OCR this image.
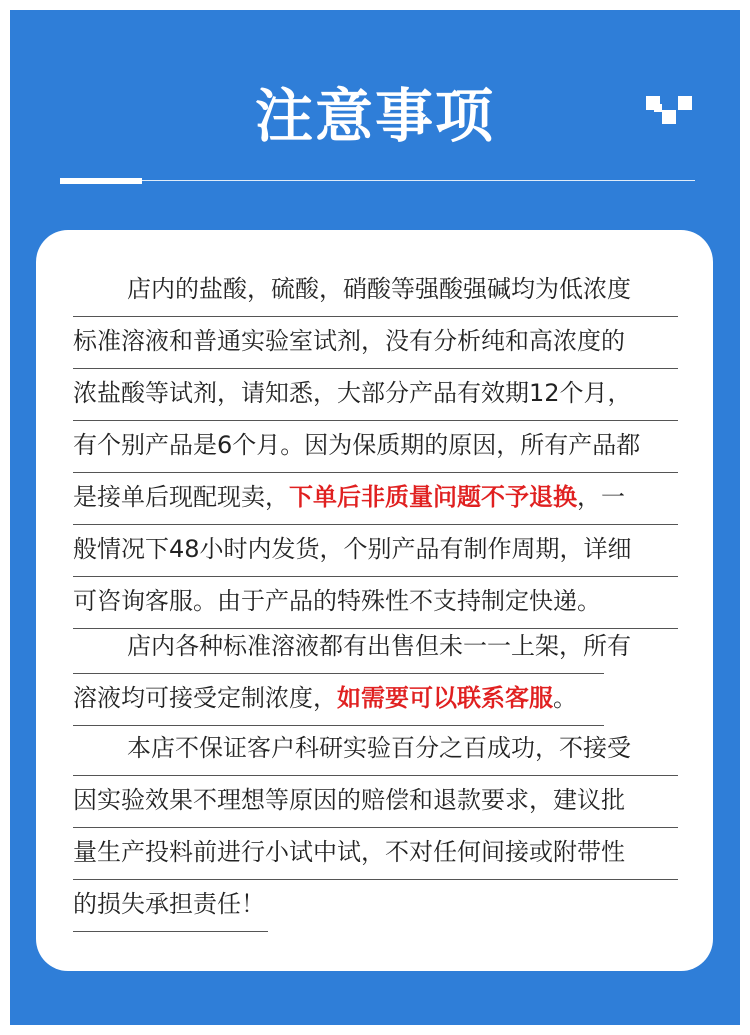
注意事项
店内的盐酸，硫酸，硝酸等强酸强碱均为低浓度
标准溶液和普通实验室试剂，没有分析纯和高浓度的
浓盐酸等试剂，请知悉，大部分产品有效期12个月，
有个别产品是6个月。因为保质期的原因，所有产品都
是接单后现配现卖，下单后非质量问题不予退换，一
般情况下48小时内发货，个别产品有制作周期，详细
可咨询客服。由于产品的特殊性不支持制定快递。
店内各种标准溶液都有出售但未一一上架，所有
溶液均可接受定制浓度，如需要可以联系客服。
本店不保证客户科研实验百分之百成功，不接受
因实验效果不理想等原因的赔偿和退款要求，建议批
量生产投料前进行小试中试，不对任何间接或附带性
的损失承担责任！
